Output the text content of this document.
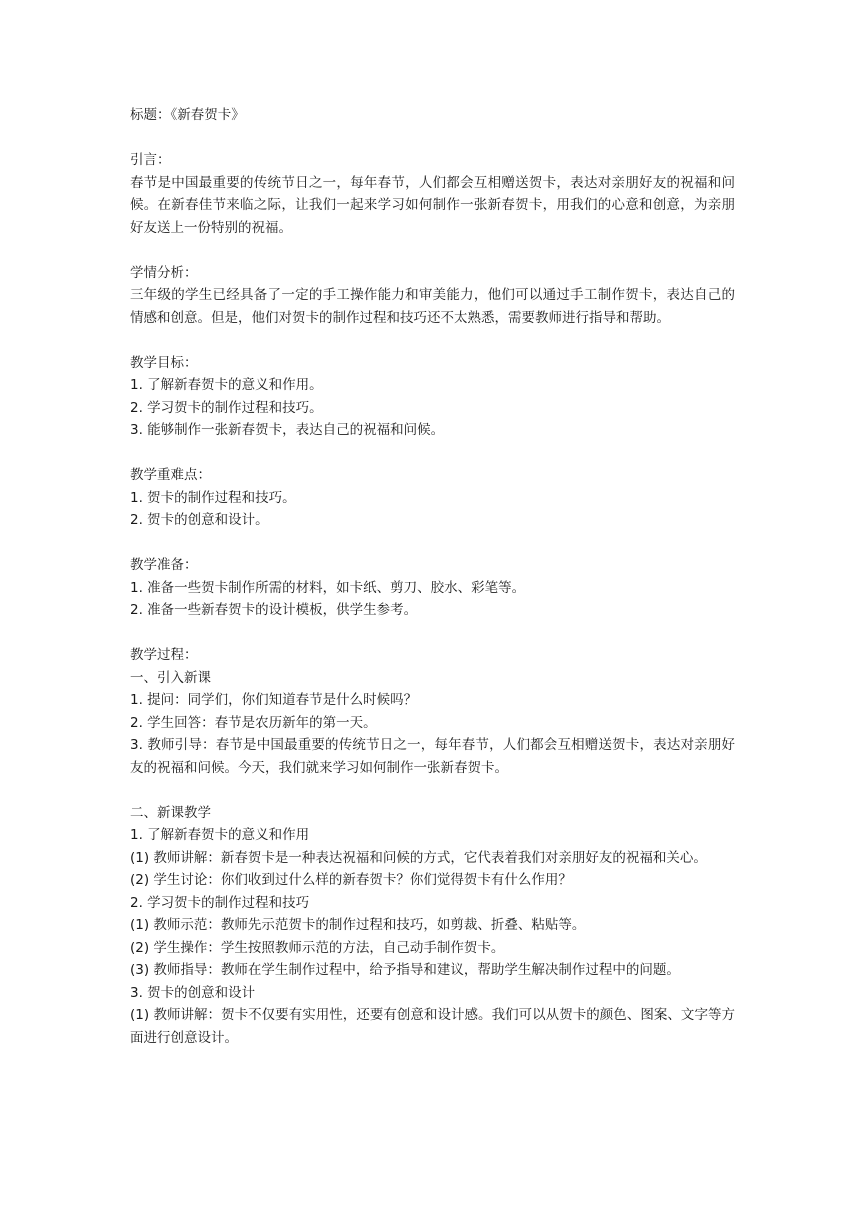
标题：《新春贺卡》
引言：
春节是中国最重要的传统节日之一，每年春节，人们都会互相赠送贺卡，表达对亲朋好友的祝福和问候。在新春佳节来临之际，让我们一起来学习如何制作一张新春贺卡，用我们的心意和创意，为亲朋好友送上一份特别的祝福。
学情分析：
三年级的学生已经具备了一定的手工操作能力和审美能力，他们可以通过手工制作贺卡，表达自己的情感和创意。但是，他们对贺卡的制作过程和技巧还不太熟悉，需要教师进行指导和帮助。
教学目标：
1. 了解新春贺卡的意义和作用。
2. 学习贺卡的制作过程和技巧。
3. 能够制作一张新春贺卡，表达自己的祝福和问候。
教学重难点：
1. 贺卡的制作过程和技巧。
2. 贺卡的创意和设计。
教学准备：
1. 准备一些贺卡制作所需的材料，如卡纸、剪刀、胶水、彩笔等。
2. 准备一些新春贺卡的设计模板，供学生参考。
教学过程：
一、引入新课
1. 提问：同学们，你们知道春节是什么时候吗？
2. 学生回答：春节是农历新年的第一天。
3. 教师引导：春节是中国最重要的传统节日之一，每年春节，人们都会互相赠送贺卡，表达对亲朋好友的祝福和问候。今天，我们就来学习如何制作一张新春贺卡。
二、新课教学
1. 了解新春贺卡的意义和作用
(1) 教师讲解：新春贺卡是一种表达祝福和问候的方式，它代表着我们对亲朋好友的祝福和关心。
(2) 学生讨论：你们收到过什么样的新春贺卡？你们觉得贺卡有什么作用？
2. 学习贺卡的制作过程和技巧
(1) 教师示范：教师先示范贺卡的制作过程和技巧，如剪裁、折叠、粘贴等。
(2) 学生操作：学生按照教师示范的方法，自己动手制作贺卡。
(3) 教师指导：教师在学生制作过程中，给予指导和建议，帮助学生解决制作过程中的问题。
3. 贺卡的创意和设计
(1) 教师讲解：贺卡不仅要有实用性，还要有创意和设计感。我们可以从贺卡的颜色、图案、文字等方面进行创意设计。
